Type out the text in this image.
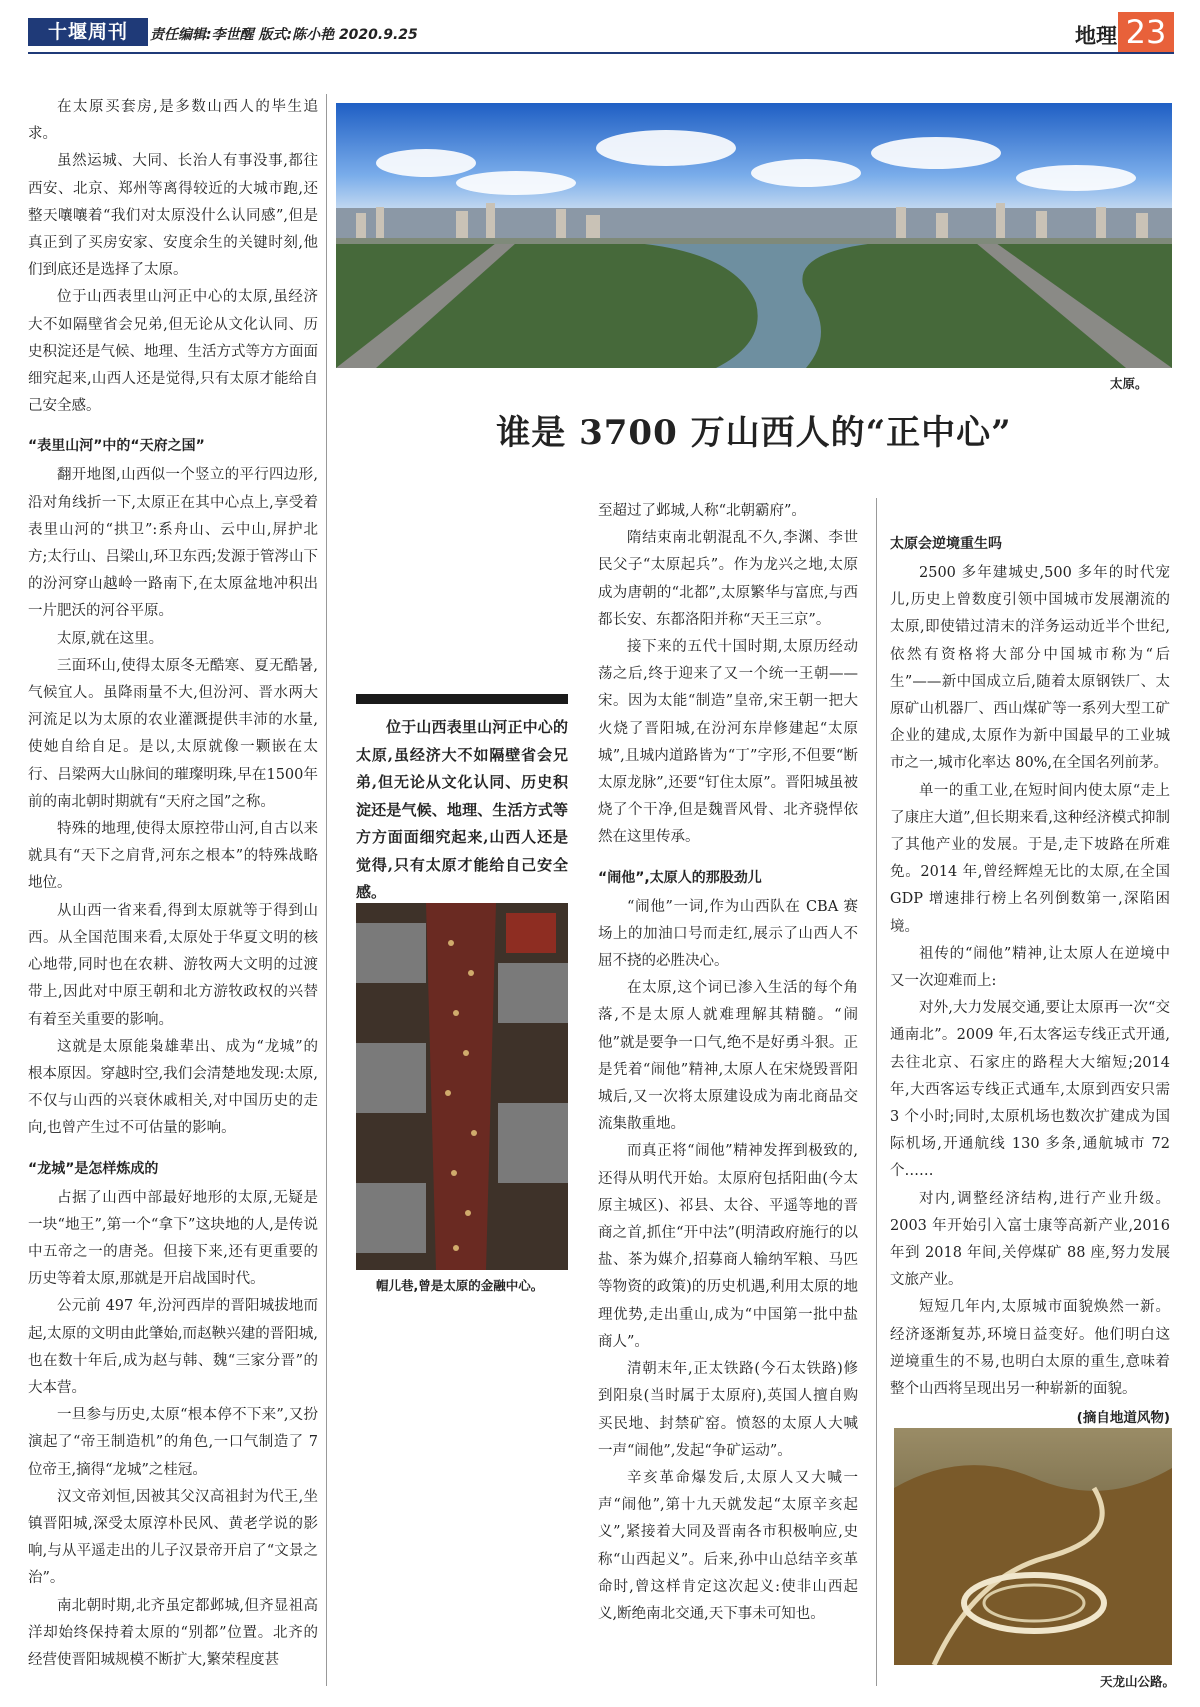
十堰周刊	责任编辑:李世醒 版式:陈小艳 2020.9.25	地理 23

在太原买套房,是多数山西人的毕生追求。

虽然运城、大同、长治人有事没事,都往西安、北京、郑州等离得较近的大城市跑,还整天嚷嚷着“我们对太原没什么认同感”,但是真正到了买房安家、安度余生的关键时刻,他们到底还是选择了太原。

位于山西表里山河正中心的太原,虽经济大不如隔壁省会兄弟,但无论从文化认同、历史积淀还是气候、地理、生活方式等方方面面细究起来,山西人还是觉得,只有太原才能给自己安全感。

“表里山河”中的“天府之国”

翻开地图,山西似一个竖立的平行四边形,沿对角线折一下,太原正在其中心点上,享受着表里山河的“拱卫”:系舟山、云中山,屏护北方;太行山、吕梁山,环卫东西;发源于管涔山下的汾河穿山越岭一路南下,在太原盆地冲积出一片肥沃的河谷平原。

太原,就在这里。

三面环山,使得太原冬无酷寒、夏无酷暑,气候宜人。虽降雨量不大,但汾河、晋水两大河流足以为太原的农业灌溉提供丰沛的水量,使她自给自足。是以,太原就像一颗嵌在太行、吕梁两大山脉间的璀璨明珠,早在1500年前的南北朝时期就有“天府之国”之称。

特殊的地理,使得太原控带山河,自古以来就具有“天下之肩背,河东之根本”的特殊战略地位。

从山西一省来看,得到太原就等于得到山西。从全国范围来看,太原处于华夏文明的核心地带,同时也在农耕、游牧两大文明的过渡带上,因此对中原王朝和北方游牧政权的兴替有着至关重要的影响。

这就是太原能枭雄辈出、成为“龙城”的根本原因。穿越时空,我们会清楚地发现:太原,不仅与山西的兴衰休戚相关,对中国历史的走向,也曾产生过不可估量的影响。

“龙城”是怎样炼成的

占据了山西中部最好地形的太原,无疑是一块“地王”,第一个“拿下”这块地的人,是传说中五帝之一的唐尧。但接下来,还有更重要的历史等着太原,那就是开启战国时代。

公元前 497 年,汾河西岸的晋阳城拔地而起,太原的文明由此肇始,而赵鞅兴建的晋阳城,也在数十年后,成为赵与韩、魏“三家分晋”的大本营。

一旦参与历史,太原“根本停不下来”,又扮演起了“帝王制造机”的角色,一口气制造了 7 位帝王,摘得“龙城”之桂冠。

汉文帝刘恒,因被其父汉高祖封为代王,坐镇晋阳城,深受太原淳朴民风、黄老学说的影响,与从平遥走出的儿子汉景帝开启了“文景之治”。

南北朝时期,北齐虽定都邺城,但齐显祖高洋却始终保持着太原的“别都”位置。北齐的经营使晋阳城规模不断扩大,繁荣程度甚

太原。
谁是 3700 万山西人的“正中心”

位于山西表里山河正中心的太原,虽经济大不如隔壁省会兄弟,但无论从文化认同、历史积淀还是气候、地理、生活方式等方方面面细究起来,山西人还是觉得,只有太原才能给自己安全感。

帽儿巷,曾是太原的金融中心。

至超过了邺城,人称“北朝霸府”。

隋结束南北朝混乱不久,李渊、李世民父子“太原起兵”。作为龙兴之地,太原成为唐朝的“北都”,太原繁华与富庶,与西都长安、东都洛阳并称“天王三京”。

接下来的五代十国时期,太原历经动荡之后,终于迎来了又一个统一王朝——宋。因为太能“制造”皇帝,宋王朝一把大火烧了晋阳城,在汾河东岸修建起“太原城”,且城内道路皆为“丁”字形,不但要“断太原龙脉”,还要“钉住太原”。晋阳城虽被烧了个干净,但是魏晋风骨、北齐骁悍依然在这里传承。

“闹他”,太原人的那股劲儿

“闹他”一词,作为山西队在 CBA 赛场上的加油口号而走红,展示了山西人不屈不挠的必胜决心。

在太原,这个词已渗入生活的每个角落,不是太原人就难理解其精髓。“闹他”就是要争一口气,绝不是好勇斗狠。正是凭着“闹他”精神,太原人在宋烧毁晋阳城后,又一次将太原建设成为南北商品交流集散重地。

而真正将“闹他”精神发挥到极致的,还得从明代开始。太原府包括阳曲(今太原主城区)、祁县、太谷、平遥等地的晋商之首,抓住“开中法”(明清政府施行的以盐、茶为媒介,招募商人输纳军粮、马匹等物资的政策)的历史机遇,利用太原的地理优势,走出重山,成为“中国第一批中盐商人”。

清朝末年,正太铁路(今石太铁路)修到阳泉(当时属于太原府),英国人擅自购买民地、封禁矿窑。愤怒的太原人大喊一声“闹他”,发起“争矿运动”。

辛亥革命爆发后,太原人又大喊一声“闹他”,第十九天就发起“太原辛亥起义”,紧接着大同及晋南各市积极响应,史称“山西起义”。后来,孙中山总结辛亥革命时,曾这样肯定这次起义:使非山西起义,断绝南北交通,天下事未可知也。

太原会逆境重生吗

2500 多年建城史,500 多年的时代宠儿,历史上曾数度引领中国城市发展潮流的太原,即使错过清末的洋务运动近半个世纪,依然有资格将大部分中国城市称为“后生”——新中国成立后,随着太原钢铁厂、太原矿山机器厂、西山煤矿等一系列大型工矿企业的建成,太原作为新中国最早的工业城市之一,城市化率达 80%,在全国名列前茅。

单一的重工业,在短时间内使太原“走上了康庄大道”,但长期来看,这种经济模式抑制了其他产业的发展。于是,走下坡路在所难免。2014 年,曾经辉煌无比的太原,在全国 GDP 增速排行榜上名列倒数第一,深陷困境。

祖传的“闹他”精神,让太原人在逆境中又一次迎难而上:

对外,大力发展交通,要让太原再一次“交通南北”。2009 年,石太客运专线正式开通,去往北京、石家庄的路程大大缩短;2014 年,大西客运专线正式通车,太原到西安只需 3 个小时;同时,太原机场也数次扩建成为国际机场,开通航线 130 多条,通航城市 72 个……

对内,调整经济结构,进行产业升级。2003 年开始引入富士康等高新产业,2016 年到 2018 年间,关停煤矿 88 座,努力发展文旅产业。

短短几年内,太原城市面貌焕然一新。经济逐渐复苏,环境日益变好。他们明白这逆境重生的不易,也明白太原的重生,意味着整个山西将呈现出另一种崭新的面貌。

(摘自地道风物)

天龙山公路。
